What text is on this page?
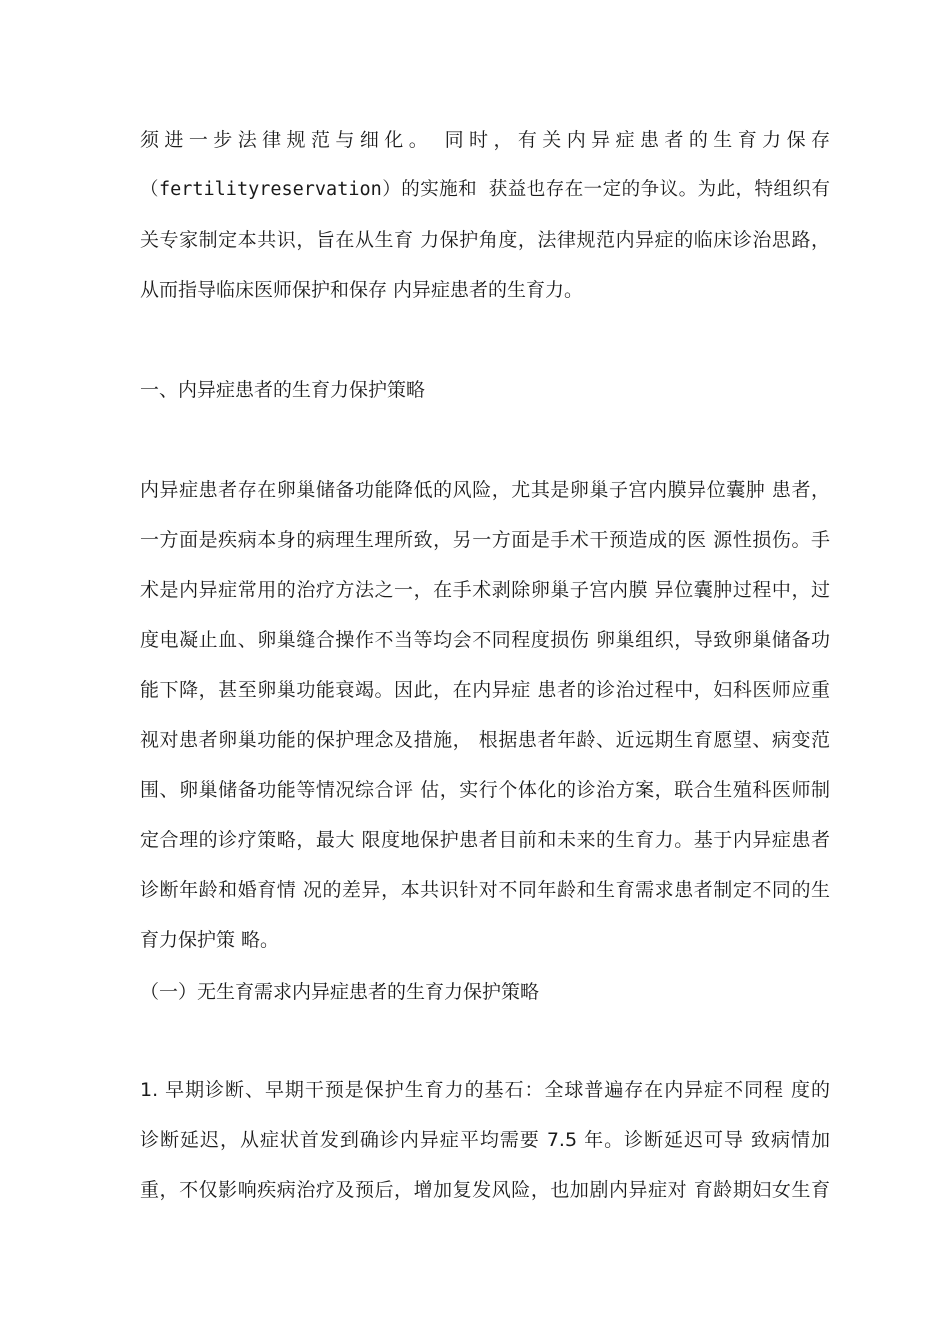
须进一步法律规范与细化。 同时，有关内异症患者的生育力保存
（fertilityreservation）的实施和 获益也存在一定的争议。为此，特组织有
关专家制定本共识，旨在从生育 力保护角度，法律规范内异症的临床诊治思路，
从而指导临床医师保护和保存 内异症患者的生育力。
一、内异症患者的生育力保护策略
内异症患者存在卵巢储备功能降低的风险，尤其是卵巢子宫内膜异位囊肿 患者，
一方面是疾病本身的病理生理所致，另一方面是手术干预造成的医 源性损伤。手
术是内异症常用的治疗方法之一，在手术剥除卵巢子宫内膜 异位囊肿过程中，过
度电凝止血、卵巢缝合操作不当等均会不同程度损伤 卵巢组织，导致卵巢储备功
能下降，甚至卵巢功能衰竭。因此，在内异症 患者的诊治过程中，妇科医师应重
视对患者卵巢功能的保护理念及措施， 根据患者年龄、近远期生育愿望、病变范
围、卵巢储备功能等情况综合评 估，实行个体化的诊治方案，联合生殖科医师制
定合理的诊疗策略，最大 限度地保护患者目前和未来的生育力。基于内异症患者
诊断年龄和婚育情 况的差异，本共识针对不同年龄和生育需求患者制定不同的生
育力保护策 略。
（一）无生育需求内异症患者的生育力保护策略
1. 早期诊断、早期干预是保护生育力的基石：全球普遍存在内异症不同程 度的
诊断延迟，从症状首发到确诊内异症平均需要 7.5 年。诊断延迟可导 致病情加
重，不仅影响疾病治疗及预后，增加复发风险，也加剧内异症对 育龄期妇女生育
